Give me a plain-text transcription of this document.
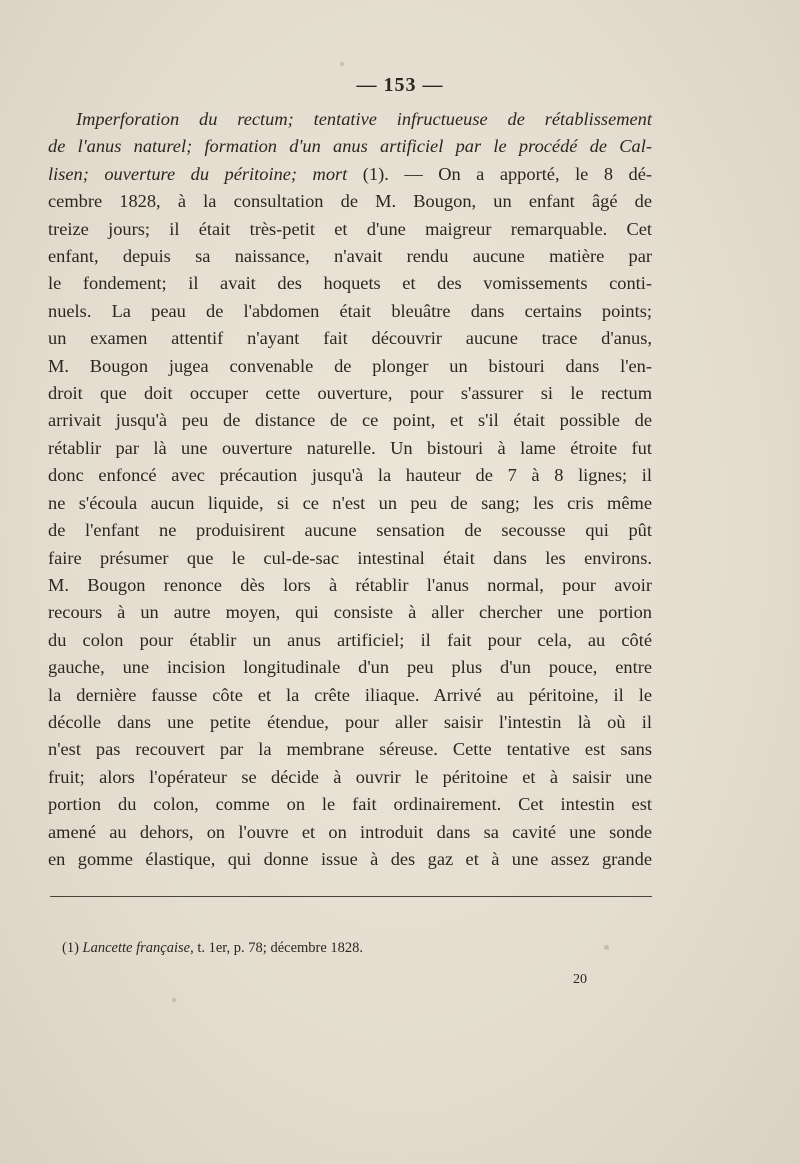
— 153 —
Imperforation du rectum; tentative infructueuse de rétablissement
de l'anus naturel; formation d'un anus artificiel par le procédé de Cal-
lisen; ouverture du péritoine; mort (1). — On a apporté, le 8 dé-
cembre 1828, à la consultation de M. Bougon, un enfant âgé de
treize jours; il était très-petit et d'une maigreur remarquable. Cet
enfant, depuis sa naissance, n'avait rendu aucune matière par
le fondement; il avait des hoquets et des vomissements conti-
nuels. La peau de l'abdomen était bleuâtre dans certains points;
un examen attentif n'ayant fait découvrir aucune trace d'anus,
M. Bougon jugea convenable de plonger un bistouri dans l'en-
droit que doit occuper cette ouverture, pour s'assurer si le rectum
arrivait jusqu'à peu de distance de ce point, et s'il était possible de
rétablir par là une ouverture naturelle. Un bistouri à lame étroite fut
donc enfoncé avec précaution jusqu'à la hauteur de 7 à 8 lignes; il
ne s'écoula aucun liquide, si ce n'est un peu de sang; les cris même
de l'enfant ne produisirent aucune sensation de secousse qui pût
faire présumer que le cul-de-sac intestinal était dans les environs.
M. Bougon renonce dès lors à rétablir l'anus normal, pour avoir
recours à un autre moyen, qui consiste à aller chercher une portion
du colon pour établir un anus artificiel; il fait pour cela, au côté
gauche, une incision longitudinale d'un peu plus d'un pouce, entre
la dernière fausse côte et la crête iliaque. Arrivé au péritoine, il le
décolle dans une petite étendue, pour aller saisir l'intestin là où il
n'est pas recouvert par la membrane séreuse. Cette tentative est sans
fruit; alors l'opérateur se décide à ouvrir le péritoine et à saisir une
portion du colon, comme on le fait ordinairement. Cet intestin est
amené au dehors, on l'ouvre et on introduit dans sa cavité une sonde
en gomme élastique, qui donne issue à des gaz et à une assez grande
(1) Lancette française, t. 1er, p. 78; décembre 1828.
20
